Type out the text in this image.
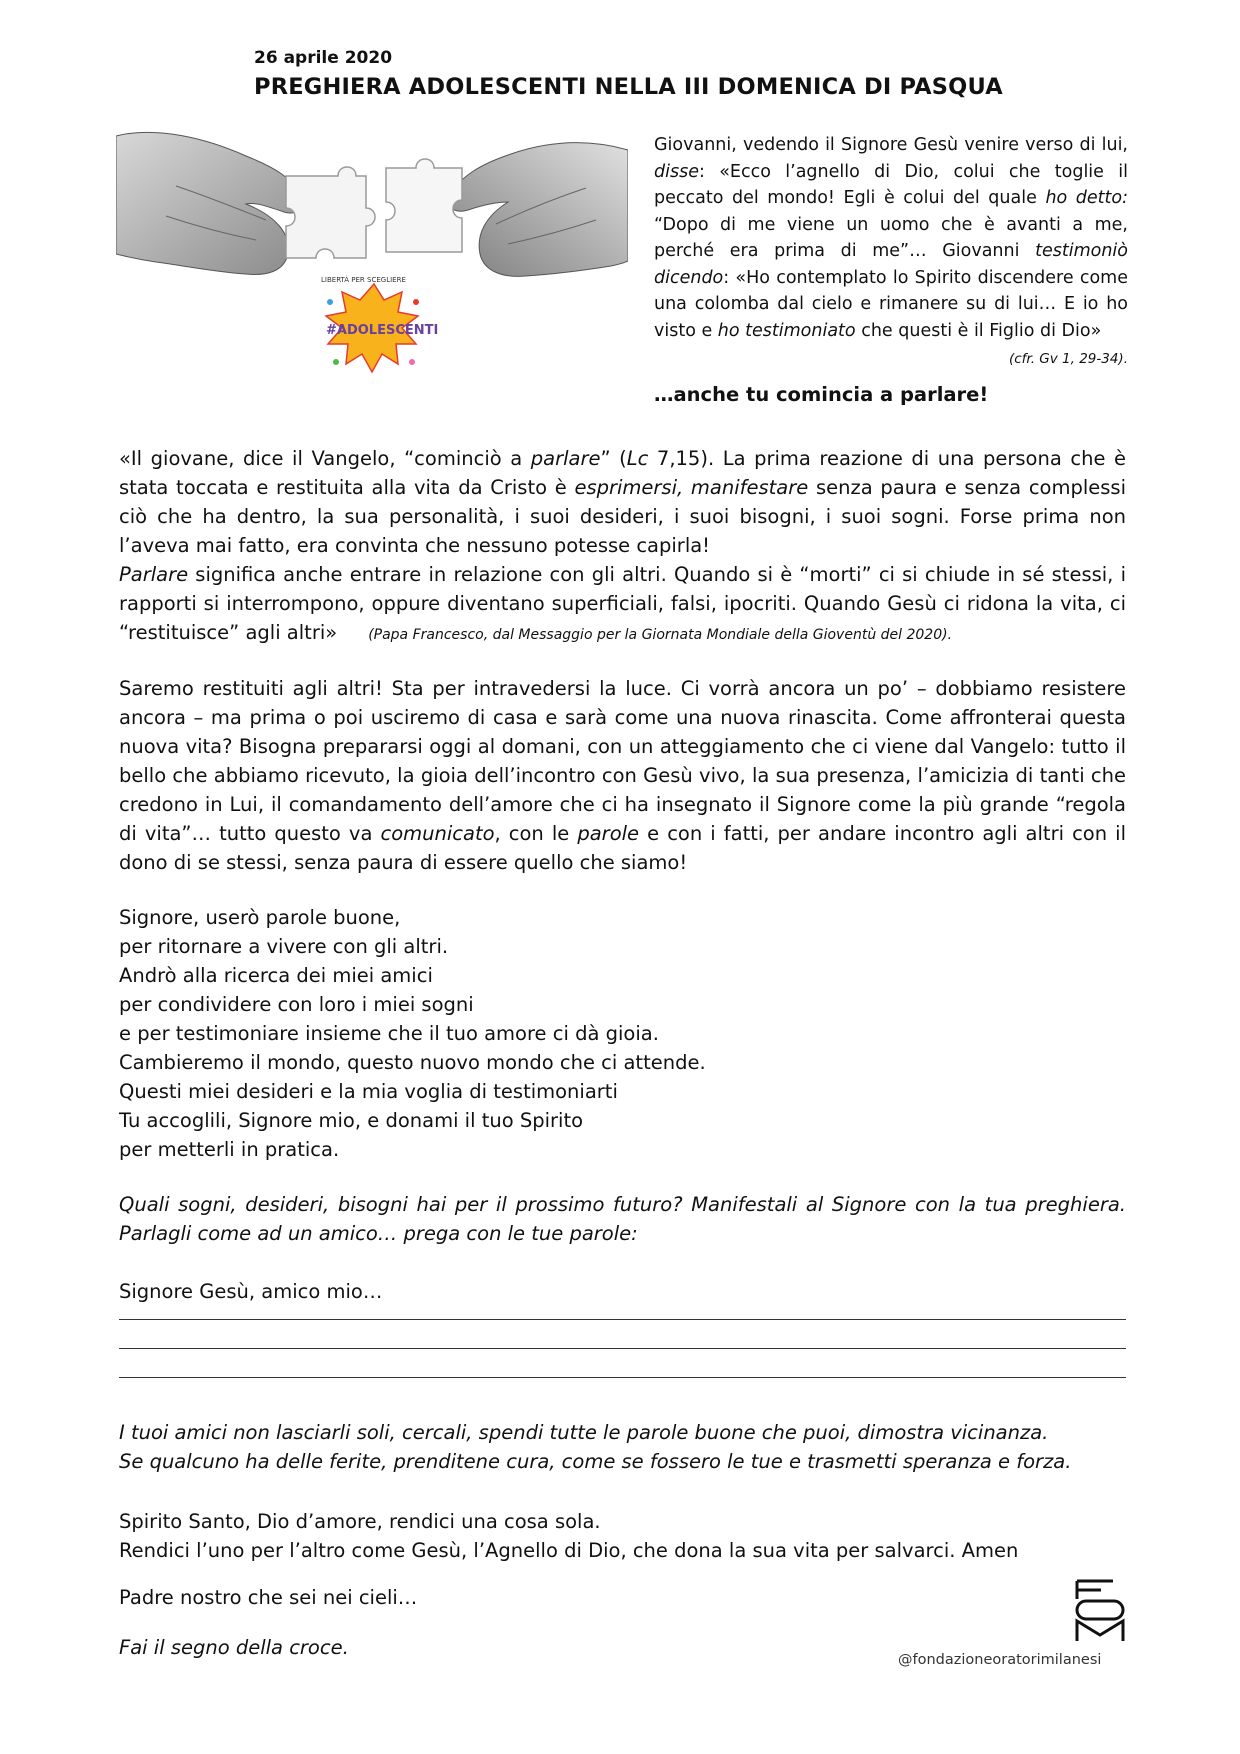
26 aprile 2020
PREGHIERA ADOLESCENTI NELLA III DOMENICA DI PASQUA
LIBERTÀ PER SCEGLIERE
#ADOLESCENTI

Giovanni, vedendo il Signore Gesù venire verso di lui, disse: «Ecco l’agnello di Dio, colui che toglie il peccato del mondo! Egli è colui del quale ho detto: “Dopo di me viene un uomo che è avanti a me, perché era prima di me”… Giovanni testimoniò dicendo: «Ho contemplato lo Spirito discendere come una colomba dal cielo e rimanere su di lui… E io ho visto e ho testimoniato che questi è il Figlio di Dio»
(cfr. Gv 1, 29-34).

…anche tu comincia a parlare!

«Il giovane, dice il Vangelo, “cominciò a parlare” (Lc 7,15). La prima reazione di una persona che è stata toccata e restituita alla vita da Cristo è esprimersi, manifestare senza paura e senza complessi ciò che ha dentro, la sua personalità, i suoi desideri, i suoi bisogni, i suoi sogni. Forse prima non l’aveva mai fatto, era convinta che nessuno potesse capirla!
Parlare significa anche entrare in relazione con gli altri. Quando si è “morti” ci si chiude in sé stessi, i rapporti si interrompono, oppure diventano superficiali, falsi, ipocriti. Quando Gesù ci ridona la vita, ci “restituisce” agli altri» (Papa Francesco, dal Messaggio per la Giornata Mondiale della Gioventù del 2020).

Saremo restituiti agli altri! Sta per intravedersi la luce. Ci vorrà ancora un po’ – dobbiamo resistere ancora – ma prima o poi usciremo di casa e sarà come una nuova rinascita. Come affronterai questa nuova vita? Bisogna prepararsi oggi al domani, con un atteggiamento che ci viene dal Vangelo: tutto il bello che abbiamo ricevuto, la gioia dell’incontro con Gesù vivo, la sua presenza, l’amicizia di tanti che credono in Lui, il comandamento dell’amore che ci ha insegnato il Signore come la più grande “regola di vita”… tutto questo va comunicato, con le parole e con i fatti, per andare incontro agli altri con il dono di se stessi, senza paura di essere quello che siamo!

Signore, userò parole buone,
per ritornare a vivere con gli altri.
Andrò alla ricerca dei miei amici
per condividere con loro i miei sogni
e per testimoniare insieme che il tuo amore ci dà gioia.
Cambieremo il mondo, questo nuovo mondo che ci attende.
Questi miei desideri e la mia voglia di testimoniarti
Tu accoglili, Signore mio, e donami il tuo Spirito
per metterli in pratica.

Quali sogni, desideri, bisogni hai per il prossimo futuro? Manifestali al Signore con la tua preghiera. Parlagli come ad un amico… prega con le tue parole:

Signore Gesù, amico mio…
I tuoi amici non lasciarli soli, cercali, spendi tutte le parole buone che puoi, dimostra vicinanza.
Se qualcuno ha delle ferite, prenditene cura, come se fossero le tue e trasmetti speranza e forza.
Spirito Santo, Dio d’amore, rendici una cosa sola.
Rendici l’uno per l’altro come Gesù, l’Agnello di Dio, che dona la sua vita per salvarci. Amen
Padre nostro che sei nei cieli…
Fai il segno della croce.
FOM
@fondazioneoratorimilanesi
